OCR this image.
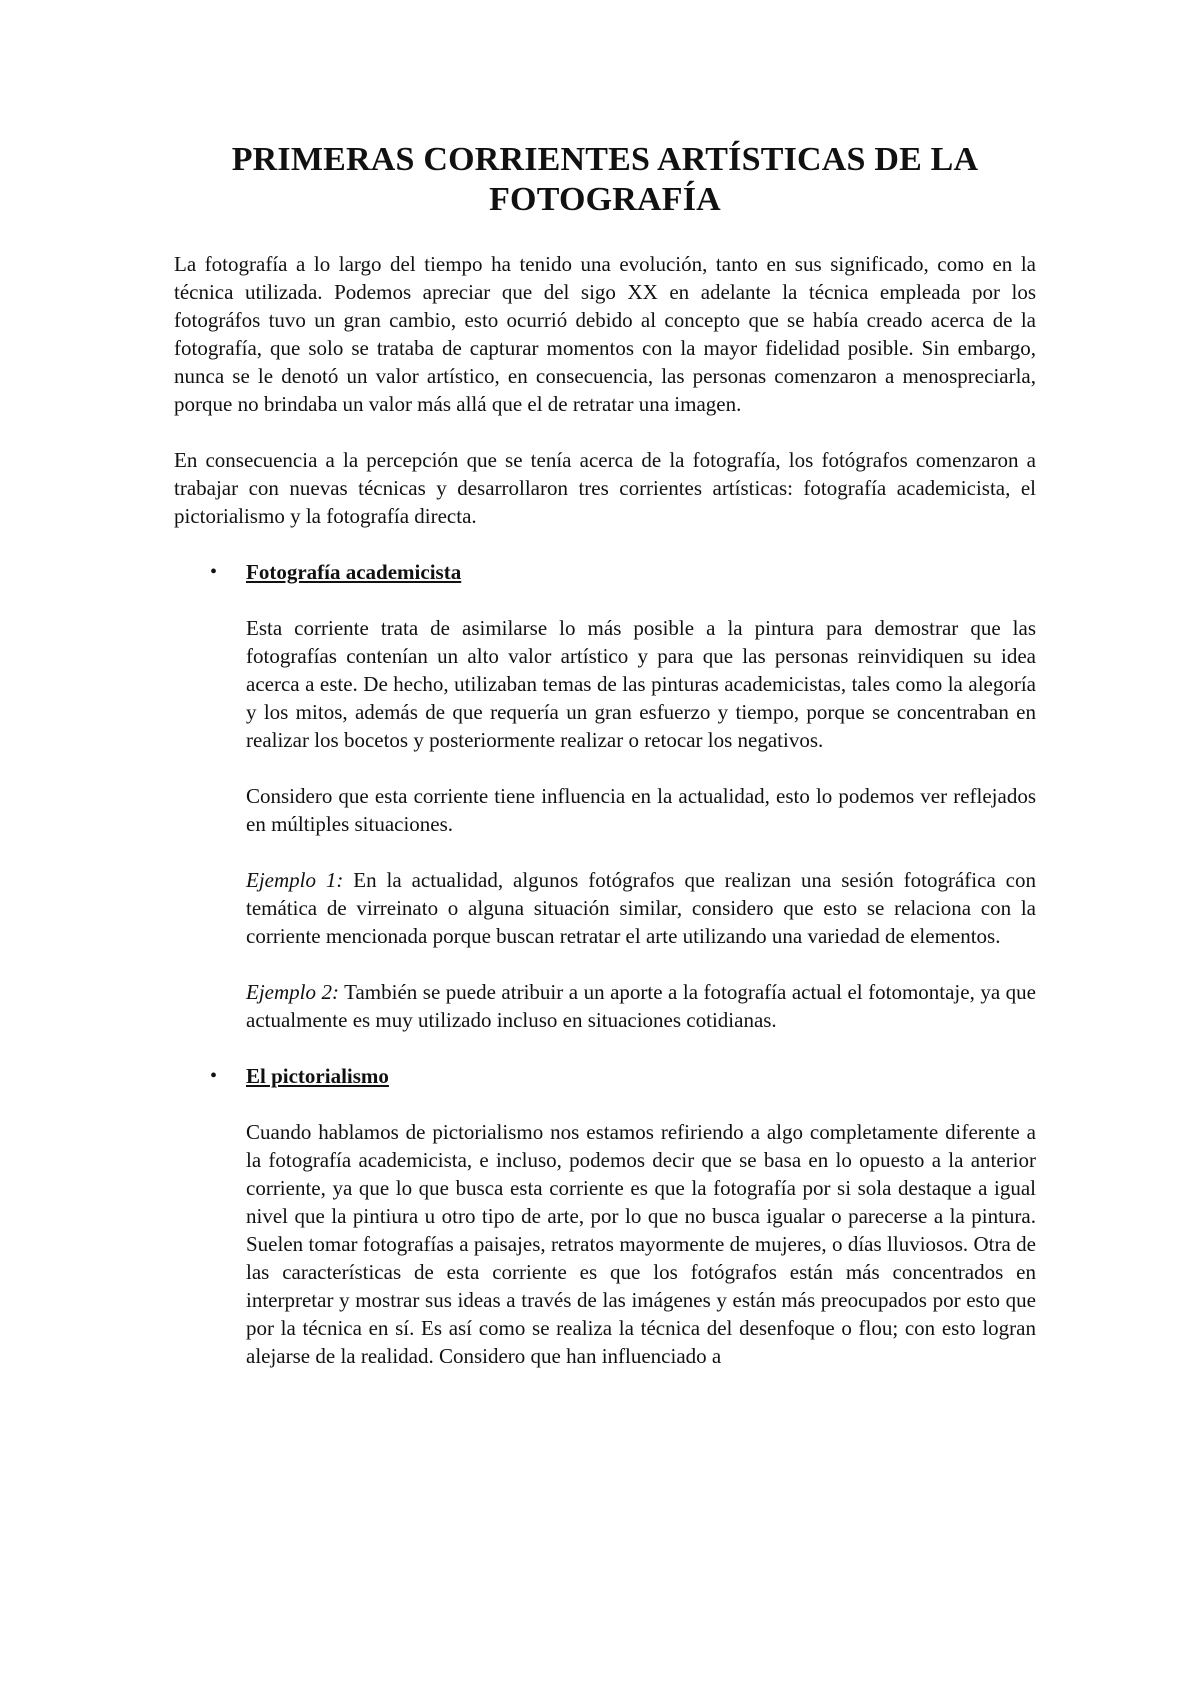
PRIMERAS CORRIENTES ARTÍSTICAS DE LA FOTOGRAFÍA

La fotografía a lo largo del tiempo ha tenido una evolución, tanto en sus significado, como en la técnica utilizada. Podemos apreciar que del sigo XX en adelante la técnica empleada por los fotográfos tuvo un gran cambio, esto ocurrió debido al concepto que se había creado acerca de la fotografía, que solo se trataba de capturar momentos con la mayor fidelidad posible. Sin embargo, nunca se le denotó un valor artístico, en consecuencia, las personas comenzaron a menospreciarla, porque no brindaba un valor más allá que el de retratar una imagen.

En consecuencia a la percepción que se tenía acerca de la fotografía, los fotógrafos comenzaron a trabajar con nuevas técnicas y desarrollaron tres corrientes artísticas: fotografía academicista, el pictorialismo y la fotografía directa.

• Fotografía academicista

Esta corriente trata de asimilarse lo más posible a la pintura para demostrar que las fotografías contenían un alto valor artístico y para que las personas reinvidiquen su idea acerca a este. De hecho, utilizaban temas de las pinturas academicistas, tales como la alegoría y los mitos, además de que requería un gran esfuerzo y tiempo, porque se concentraban en realizar los bocetos y posteriormente realizar o retocar los negativos.

Considero que esta corriente tiene influencia en la actualidad, esto lo podemos ver reflejados en múltiples situaciones.

Ejemplo 1: En la actualidad, algunos fotógrafos que realizan una sesión fotográfica con temática de virreinato o alguna situación similar, considero que esto se relaciona con la corriente mencionada porque buscan retratar el arte utilizando una variedad de elementos.

Ejemplo 2: También se puede atribuir a un aporte a la fotografía actual el fotomontaje, ya que actualmente es muy utilizado incluso en situaciones cotidianas.

• El pictorialismo

Cuando hablamos de pictorialismo nos estamos refiriendo a algo completamente diferente a la fotografía academicista, e incluso, podemos decir que se basa en lo opuesto a la anterior corriente, ya que lo que busca esta corriente es que la fotografía por si sola destaque a igual nivel que la pintiura u otro tipo de arte, por lo que no busca igualar o parecerse a la pintura. Suelen tomar fotografías a paisajes, retratos mayormente de mujeres, o días lluviosos. Otra de las características de esta corriente es que los fotógrafos están más concentrados en interpretar y mostrar sus ideas a través de las imágenes y están más preocupados por esto que por la técnica en sí. Es así como se realiza la técnica del desenfoque o flou; con esto logran alejarse de la realidad. Considero que han influenciado a
